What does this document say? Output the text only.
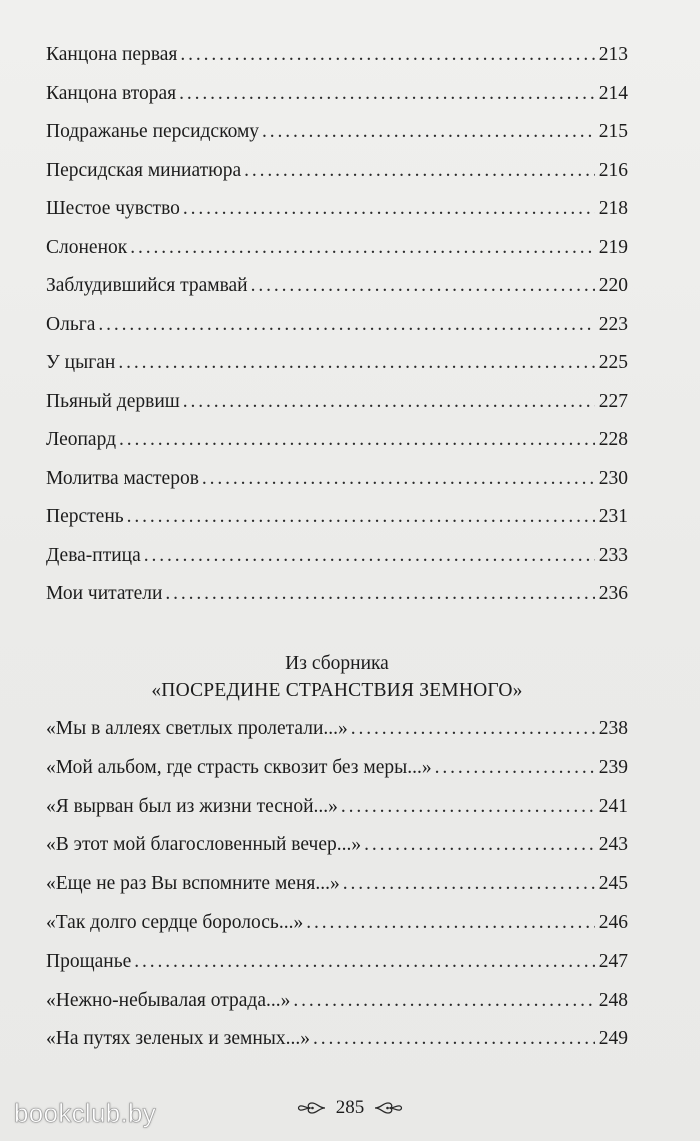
Канцона первая . . .	213
Канцона вторая . . .	214
Подражанье персидскому . . .	215
Персидская миниатюра . . .	216
Шестое чувство . . .	218
Слоненок . . .	219
Заблудившийся трамвай . . .	220
Ольга . . .	223
У цыган . . .	225
Пьяный дервиш . . .	227
Леопард . . .	228
Молитва мастеров . . .	230
Перстень . . .	231
Дева-птица . . .	233
Мои читатели . . .	236
Из сборника
«ПОСРЕДИНЕ СТРАНСТВИЯ ЗЕМНОГО»
«Мы в аллеях светлых пролетали...» . . .	238
«Мой альбом, где страсть сквозит без меры...» . . .	239
«Я вырван был из жизни тесной...» . . .	241
«В этот мой благословенный вечер...» . . .	243
«Еще не раз Вы вспомните меня...» . . .	245
«Так долго сердце боролось...» . . .	246
Прощанье . . .	247
«Нежно-небывалая отрада...» . . .	248
«На путях зеленых и земных...» . . .	249
285
bookclub.by
